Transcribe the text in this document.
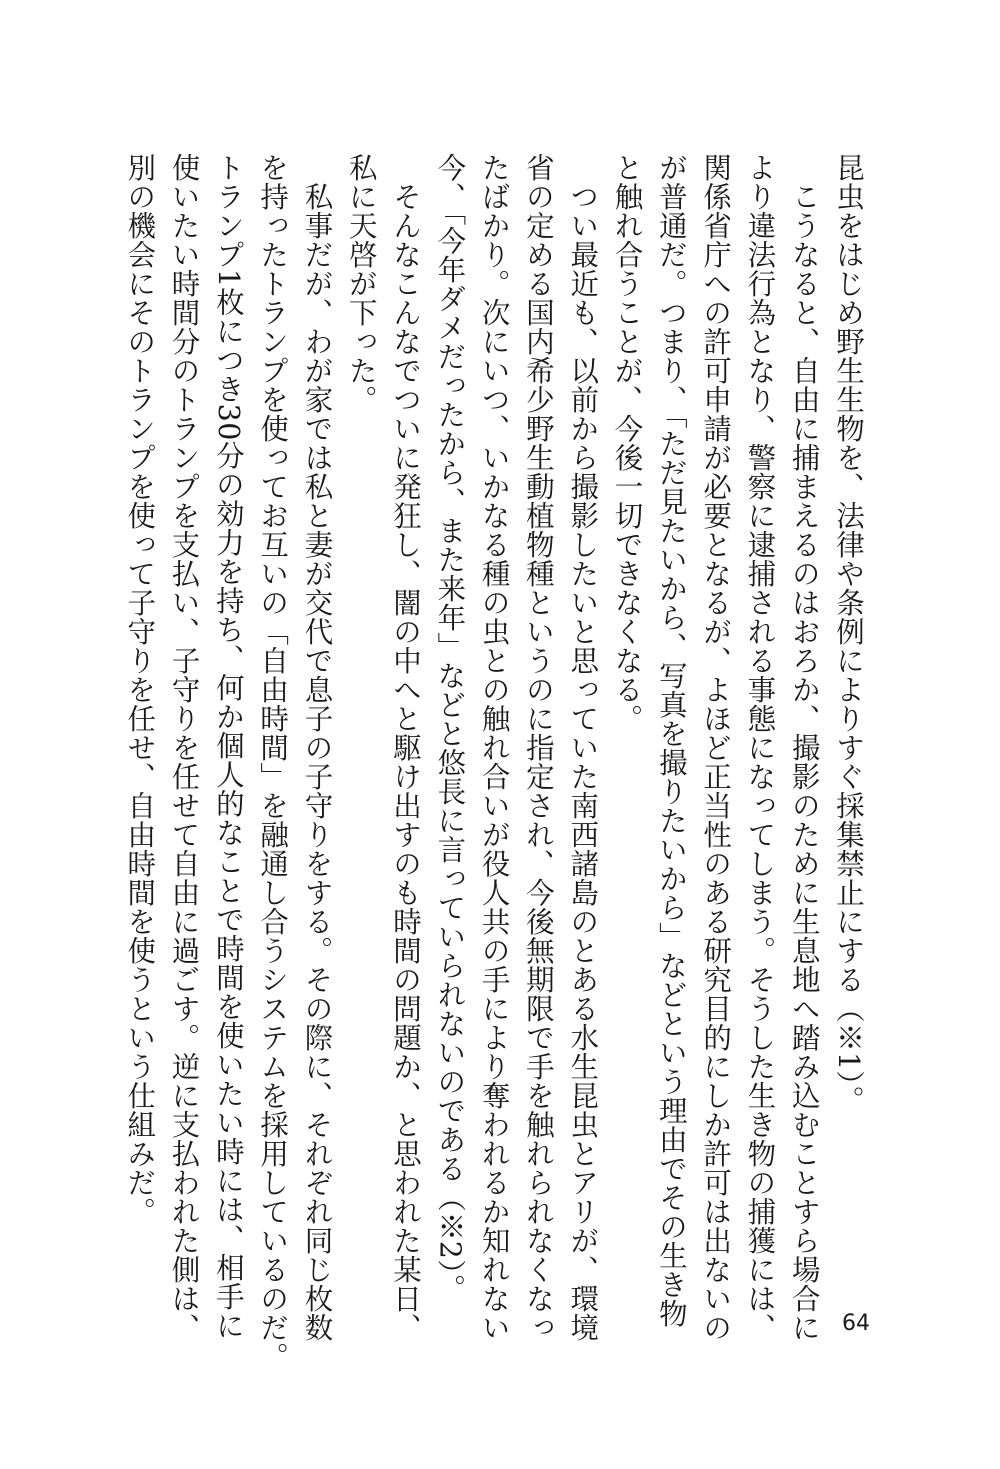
昆虫をはじめ野生生物を、法律や条例によりすぐ採集禁止にする（※1）。

　こうなると、自由に捕まえるのはおろか、撮影のために生息地へ踏み込むことすら場合に

より違法行為となり、警察に逮捕される事態になってしまう。そうした生き物の捕獲には、

関係省庁への許可申請が必要となるが、よほど正当性のある研究目的にしか許可は出ないの

が普通だ。つまり、「ただ見たいから、写真を撮りたいから」などという理由でその生き物

と触れ合うことが、今後一切できなくなる。

　つい最近も、以前から撮影したいと思っていた南西諸島のとある水生昆虫とアリが、環境

省の定める国内希少野生動植物種というのに指定され、今後無期限で手を触れられなくなっ

たばかり。次にいつ、いかなる種の虫との触れ合いが役人共の手により奪われるか知れない

今、「今年ダメだったから、また来年」などと悠長に言っていられないのである（※2）。

　そんなこんなでついに発狂し、闇の中へと駆け出すのも時間の問題か、と思われた某日、

私に天啓が下った。

　私事だが、わが家では私と妻が交代で息子の子守りをする。その際に、それぞれ同じ枚数

を持ったトランプを使ってお互いの「自由時間」を融通し合うシステムを採用しているのだ。

トランプ1枚につき30分の効力を持ち、何か個人的なことで時間を使いたい時には、相手に

使いたい時間分のトランプを支払い、子守りを任せて自由に過ごす。逆に支払われた側は、

別の機会にそのトランプを使って子守りを任せ、自由時間を使うという仕組みだ。

64
